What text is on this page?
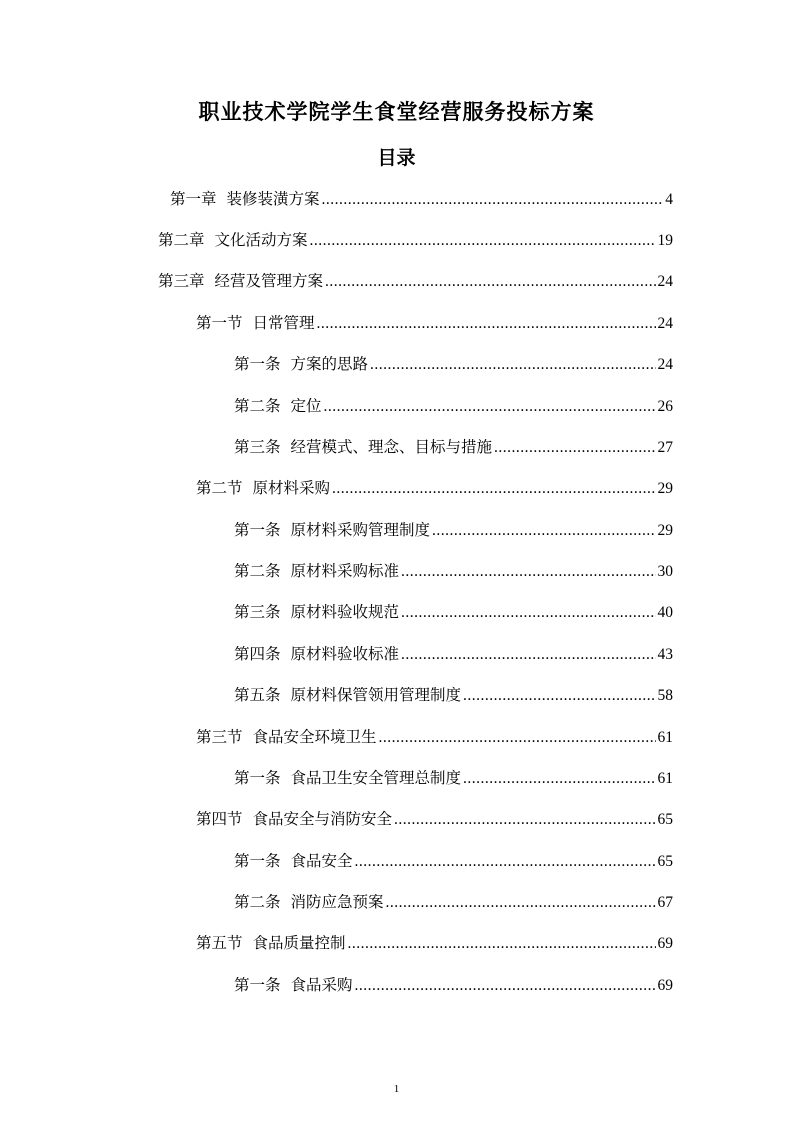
职业技术学院学生食堂经营服务投标方案
目录
第一章 装修装潢方案 .....	4
第二章 文化活动方案 .....	19
第三章 经营及管理方案 .....	24
第一节 日常管理 .....	24
第一条 方案的思路 .....	24
第二条 定位 .....	26
第三条 经营模式、理念、目标与措施 .....	27
第二节 原材料采购 .....	29
第一条 原材料采购管理制度 .....	29
第二条 原材料采购标准 .....	30
第三条 原材料验收规范 .....	40
第四条 原材料验收标准 .....	43
第五条 原材料保管领用管理制度 .....	58
第三节 食品安全环境卫生 .....	61
第一条 食品卫生安全管理总制度 .....	61
第四节 食品安全与消防安全 .....	65
第一条 食品安全 .....	65
第二条 消防应急预案 .....	67
第五节 食品质量控制 .....	69
第一条 食品采购 .....	69
1
